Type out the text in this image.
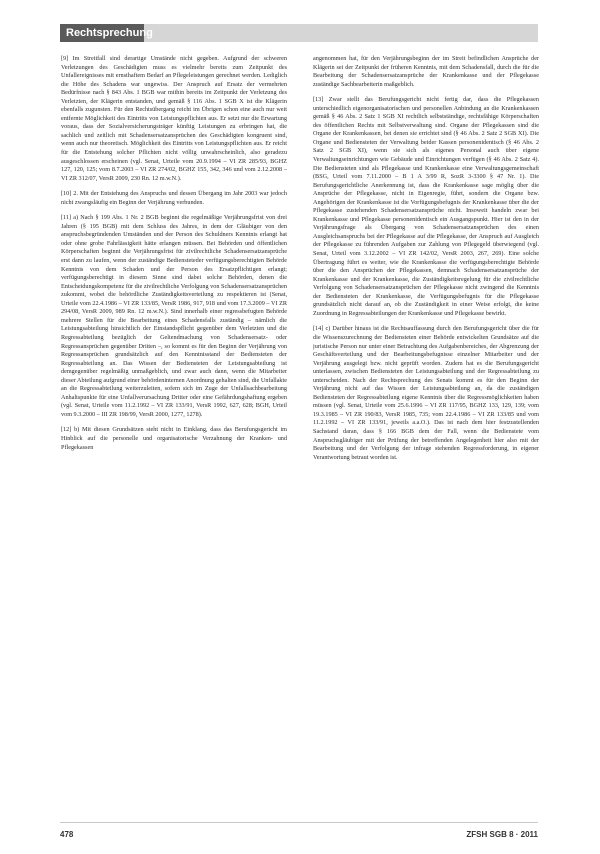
Rechtsprechung

[9] Im Streitfall sind derartige Umstände nicht gegeben. Aufgrund der schweren Verletzungen des Geschädigten muss es vielmehr bereits zum Zeitpunkt des Unfallereignisses mit ernsthaftem Bedarf an Pflegeleistungen gerechnet werden. Lediglich die Höhe des Schadens war ungewiss. Der Anspruch auf Ersatz der vermehrten Bedürfnisse nach § 843 Abs. 1 BGB war mithin bereits im Zeitpunkt der Verletzung des Verletzten, der Klägerin entstanden, und gemäß § 116 Abs. 1 SGB X ist die Klägerin ebenfalls zugunsten. Für den Rechtsübergang reicht im Übrigen schon eine auch nur weit entfernte Möglichkeit des Eintritts von Leistungspflichten aus. Er setzt nur die Erwartung voraus, dass der Sozialversicherungsträger künftig Leistungen zu erbringen hat, die sachlich und zeitlich mit Schadensersatzansprüchen des Geschädigten kongruent sind, wenn auch nur theoretisch. Möglichkeit des Eintritts von Leistungspflichten aus. Er reicht für die Entstehung solcher Pflichten nicht völlig unwahrscheinlich, also geradezu ausgeschlossen erscheinen (vgl. Senat, Urteile vom 20.9.1994 – VI ZR 285/93, BGHZ 127, 120, 125; vom 8.7.2003 – VI ZR 274/02, BGHZ 155, 342, 346 und vom 2.12.2008 – VI ZR 312/07, VersR 2009, 230 Rn. 12 m.w.N.).

[10] 2. Mit der Entstehung des Anspruchs und dessen Übergang im Jahr 2003 war jedoch nicht zwangsläufig ein Beginn der Verjährung verbunden.

[11] a) Nach § 199 Abs. 1 Nr. 2 BGB beginnt die regelmäßige Verjährungsfrist von drei Jahren (§ 195 BGB) mit dem Schluss des Jahres, in dem der Gläubiger von den anspruchsbegründenden Umständen und der Person des Schuldners Kenntnis erlangt hat oder ohne grobe Fahrlässigkeit hätte erlangen müssen. Bei Behörden und öffentlichen Körperschaften beginnt die Verjährungsfrist für zivilrechtliche Schadensersatzansprüche erst dann zu laufen, wenn der zuständige Bediensteteder verfügungsberechtigten Behörde Kenntnis von dem Schaden und der Person des Ersatzpflichtigen erlangt; verfügungsberechtigt in diesem Sinne sind dabei solche Behörden, denen die Entscheidungskompetenz für die zivilrechtliche Verfolgung von Schadensersatzansprüchen zukommt, wobei die behördliche Zuständigkeitsverteilung zu respektieren ist (Senat, Urteile vom 22.4.1986 – VI ZR 133/85, VersR 1986, 917, 918 und vom 17.3.2009 – VI ZR 294/08, VersR 2009, 989 Rn. 12 m.w.N.). Sind innerhalb einer regressbefugten Behörde mehrere Stellen für die Bearbeitung eines Schadensfalls zuständig – nämlich die Leistungsabteilung hinsichtlich der Einstandspflicht gegenüber dem Verletzten und die Regressabteilung bezüglich der Geltendmachung von Schadensersatz- oder Regressansprüchen gegenüber Dritten –, so kommt es für den Beginn der Verjährung von Regressansprüchen grundsätzlich auf den Kenntnisstand der Bediensteten der Regressabteilung an. Das Wissen der Bediensteten der Leistungsabteilung ist demgegenüber regelmäßig unmaßgeblich, und zwar auch dann, wenn die Mitarbeiter dieser Abteilung aufgrund einer behördeninternen Anordnung gehalten sind, die Unfallakte an die Regressabteilung weiterzuleiten, sofern sich im Zuge der Unfallsachbearbeitung Anhaltspunkte für eine Unfallverursachung Dritter oder eine Gefährdungshaftung ergeben (vgl. Senat, Urteile vom 11.2.1992 – VI ZR 133/91, VersR 1992, 627, 628; BGH, Urteil vom 9.3.2000 – III ZR 198/99, VersR 2000, 1277, 1278).

[12] b) Mit diesen Grundsätzen steht nicht in Einklang, dass das Berufungsgericht im Hinblick auf die personelle und organisatorische Verzahnung der Kranken- und Pflegekassen

angenommen hat, für den Verjährungsbeginn der im Streit befindlichen Ansprüche der Klägerin sei der Zeitpunkt der früheren Kenntnis, mit dem Schadensfall, durch die für die Bearbeitung der Schadensersatzansprüche der Krankenkasse und der Pflegekasse zuständige Sachbearbeiterin maßgeblich.

[13] Zwar stellt das Berufungsgericht nicht fertig dar, dass die Pflegekassen unterschiedlich eigenorganisatorischen und personellen Anbindung an die Krankenkassen gemäß § 46 Abs. 2 Satz 1 SGB XI rechtlich selbstständige, rechtsfähige Körperschaften des öffentlichen Rechts mit Selbstverwaltung sind. Organe der Pflegekassen sind die Organe der Krankenkassen, bei denen sie errichtet sind (§ 46 Abs. 2 Satz 2 SGB XI). Die Organe und Bediensteten der Verwaltung beider Kassen personenidentisch (§ 46 Abs. 2 Satz 2 SGB XI), wenn sie sich als eigenes Personal auch über eigene Verwaltungseinrichtungen wie Gebäude und Einrichtungen verfügen (§ 46 Abs. 2 Satz 4). Die Bediensteten sind als Pflegekasse und Krankenkasse eine Verwaltungsgemeinschaft (BSG, Urteil vom 7.11.2000 – B 1 A 3/99 R, SozR 3-3300 § 47 Nr. 1). Die Berufungsgerichtliche Anerkennung ist, dass die Krankenkasse sage möglig über die Ansprüche der Pflegekasse, nicht in Eigenregie, führt, sondern die Organe bzw. Angehörigen der Krankenkasse ist die Vorfügungsbefugnis der Krankenkasse über die der Pflegekasse zustehenden Schadensersatzansprüche nicht. Insoweit handeln zwar bei Krankenkasse und Pflegekasse personenidentisch ein Ausgangspunkt. Hier ist den in der Verjährungsfrage als Übergang von Schadensersatzansprüchen des einen Ausgleichsanspruchs bei der Pflegekasse auf die Pflegekasse, der Anspruch auf Ausgleich der Pflegekasse zu führenden Aufgaben zur Zahlung von Pflegegeld überwiegend (vgl. Senat, Urteil vom 3.12.2002 – VI ZR 142/02, VersR 2003, 267, 269). Eine solche Übertragung führt es weiter, wie die Krankenkasse die verfügungsberechtigte Behörde über die den Ansprüchen der Pflegekassen, demnach Schadensersatzansprüche der Krankenkasse und der Krankenkasse, die Zuständigkeitsregelung für die zivilrechtliche Verfolgung von Schadensersatzansprüchen der Pflegekasse nicht zwingend die Kenntnis der Bediensteten der Krankenkasse, die Verfügungsbefugnis für die Pflegekasse grundsätzlich nicht darauf an, ob die Zuständigkeit in einer Weise erfolgt, die keine Zuordnung in Regressabteilungen der Krankenkasse und Pflegekasse bewirkt.

[14] c) Darüber hinaus ist die Rechtsauffassung durch den Berufungsgericht über die für die Wissenszurechnung der Bediensteten einer Behörde entwickelten Grundsätze auf die juristische Person nur unter einer Betrachtung des Aufgabenbereiches, der Abgrenzung der Geschäftsverteilung und der Bearbeitungsbefugnisse einzelner Mitarbeiter und der Verjährung ausgelegt bzw. nicht geprüft worden. Zudem hat es die Berufungsgericht unterlassen, zwischen Bediensteten der Leistungsabteilung und der Regressabteilung zu unterscheiden. Nach der Rechtsprechung des Senats kommt es für den Beginn der Verjährung nicht auf das Wissen der Leistungsabteilung an, da die zuständigen Bediensteten der Regressabteilung eigene Kenntnis über die Regressmöglichkeiten haben müssen (vgl. Senat, Urteile vom 25.6.1996 – VI ZR 117/95, BGHZ 133, 129, 139; vom 19.3.1985 – VI ZR 190/83, VersR 1985, 735; vom 22.4.1986 – VI ZR 133/85 und vom 11.2.1992 – VI ZR 133/91, jeweils a.a.O.). Das ist nach dem hier festzustellenden Sachstand daran, dass § 166 BGB dem der Fall, wenn die Bedienstete vom Anspruchsgläubiger mit der Prüfung der betreffenden Angelegenheit hier also mit der Bearbeitung und der Verfolgung der infrage stehenden Regressforderung, in eigener Verantwortung betraut worden ist.

478	ZFSH SGB 8 · 2011
